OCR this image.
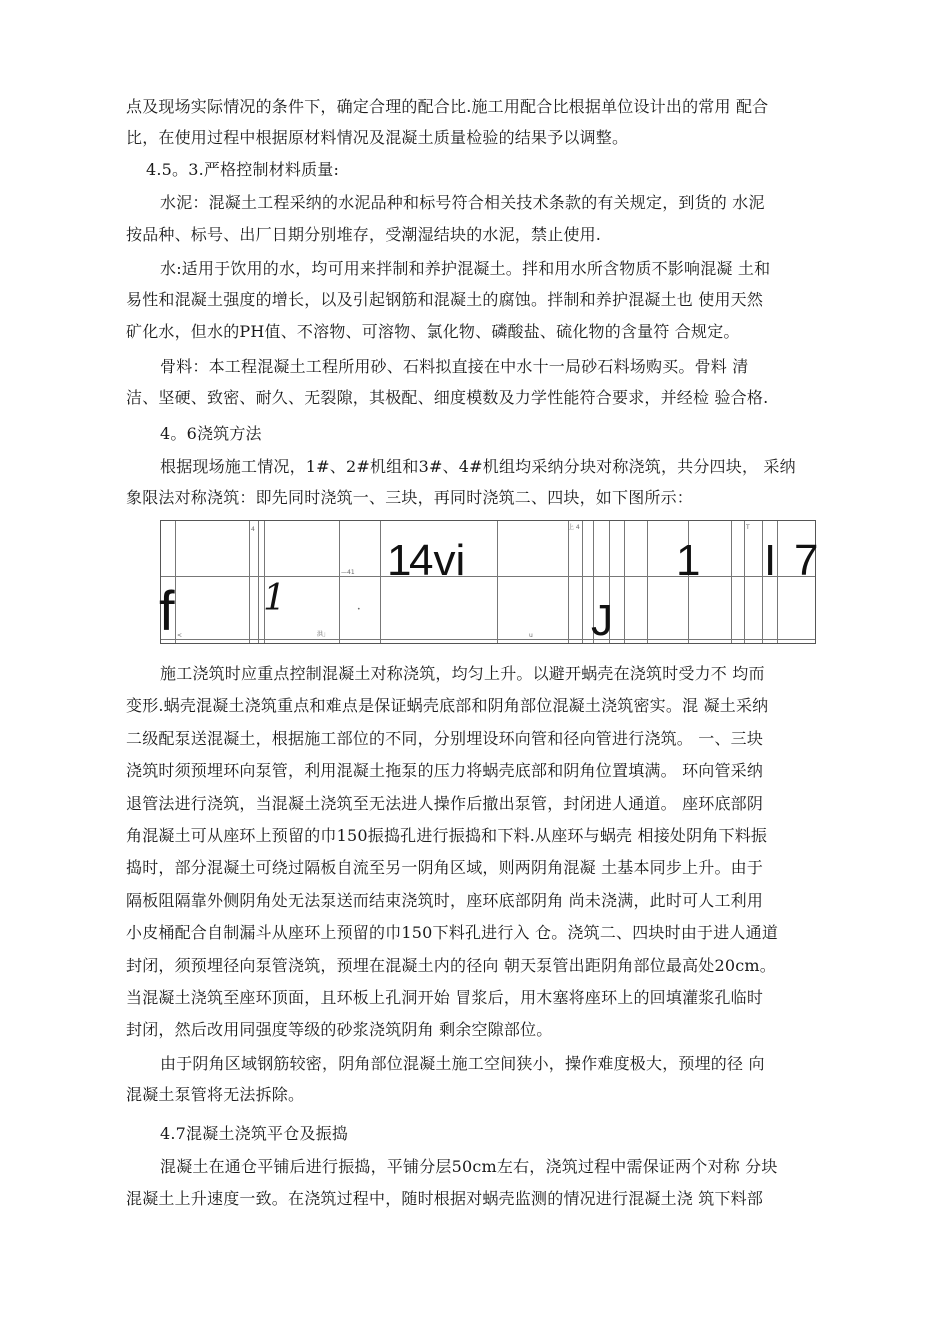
点及现场实际情况的条件下，确定合理的配合比.施工用配合比根据单位设计出的常用 配合
比，在使用过程中根据原材料情况及混凝土质量检验的结果予以调整。
4.5。3.严格控制材料质量:
水泥：混凝土工程采纳的水泥品种和标号符合相关技术条款的有关规定，到货的 水泥
按品种、标号、出厂日期分别堆存，受潮湿结块的水泥，禁止使用.
水:适用于饮用的水，均可用来拌制和养护混凝土。拌和用水所含物质不影响混凝 土和
易性和混凝土强度的增长，以及引起钢筋和混凝土的腐蚀。拌制和养护混凝土也 使用天然
矿化水，但水的PH值、不溶物、可溶物、氯化物、磷酸盐、硫化物的含量符 合规定。
骨料：本工程混凝土工程所用砂、石料拟直接在中水十一局砂石料场购买。骨料 清
洁、坚硬、致密、耐久、无裂隙，其极配、细度模数及力学性能符合要求，并经检 验合格.
4。6浇筑方法
根据现场施工情况，1#、2#机组和3#、4#机组均采纳分块对称浇筑，共分四块， 采纳
象限法对称浇筑：即先同时浇筑一、三块，再同时浇筑二、四块，如下图所示：
1
4vi	1 I 7
f 1	J
4
<
上 4
—41
•
洪」	u
T
施工浇筑时应重点控制混凝土对称浇筑，均匀上升。以避开蜗壳在浇筑时受力不 均而
变形.蜗壳混凝土浇筑重点和难点是保证蜗壳底部和阴角部位混凝土浇筑密实。混 凝土采纳
二级配泵送混凝土，根据施工部位的不同，分别埋设环向管和径向管进行浇筑。 一、三块
浇筑时须预埋环向泵管，利用混凝土拖泵的压力将蜗壳底部和阴角位置填满。 环向管采纳
退管法进行浇筑，当混凝土浇筑至无法进人操作后撤出泵管，封闭进人通道。 座环底部阴
角混凝土可从座环上预留的巾150振捣孔进行振捣和下料.从座环与蜗壳 相接处阴角下料振
捣时，部分混凝土可绕过隔板自流至另一阴角区域，则两阴角混凝 土基本同步上升。由于
隔板阻隔靠外侧阴角处无法泵送而结束浇筑时，座环底部阴角 尚未浇满，此时可人工利用
小皮桶配合自制漏斗从座环上预留的巾150下料孔进行入 仓。浇筑二、四块时由于进人通道
封闭，须预埋径向泵管浇筑，预埋在混凝土内的径向 朝天泵管出距阴角部位最高处20cm。
当混凝土浇筑至座环顶面，且环板上孔洞开始 冒浆后，用木塞将座环上的回填灌浆孔临时
封闭，然后改用同强度等级的砂浆浇筑阴角 剩余空隙部位。
由于阴角区域钢筋较密，阴角部位混凝土施工空间狭小，操作难度极大，预埋的径 向
混凝土泵管将无法拆除。
4.7混凝土浇筑平仓及振捣
混凝土在通仓平铺后进行振捣，平铺分层50cm左右，浇筑过程中需保证两个对称 分块
混凝土上升速度一致。在浇筑过程中，随时根据对蜗壳监测的情况进行混凝土浇 筑下料部
